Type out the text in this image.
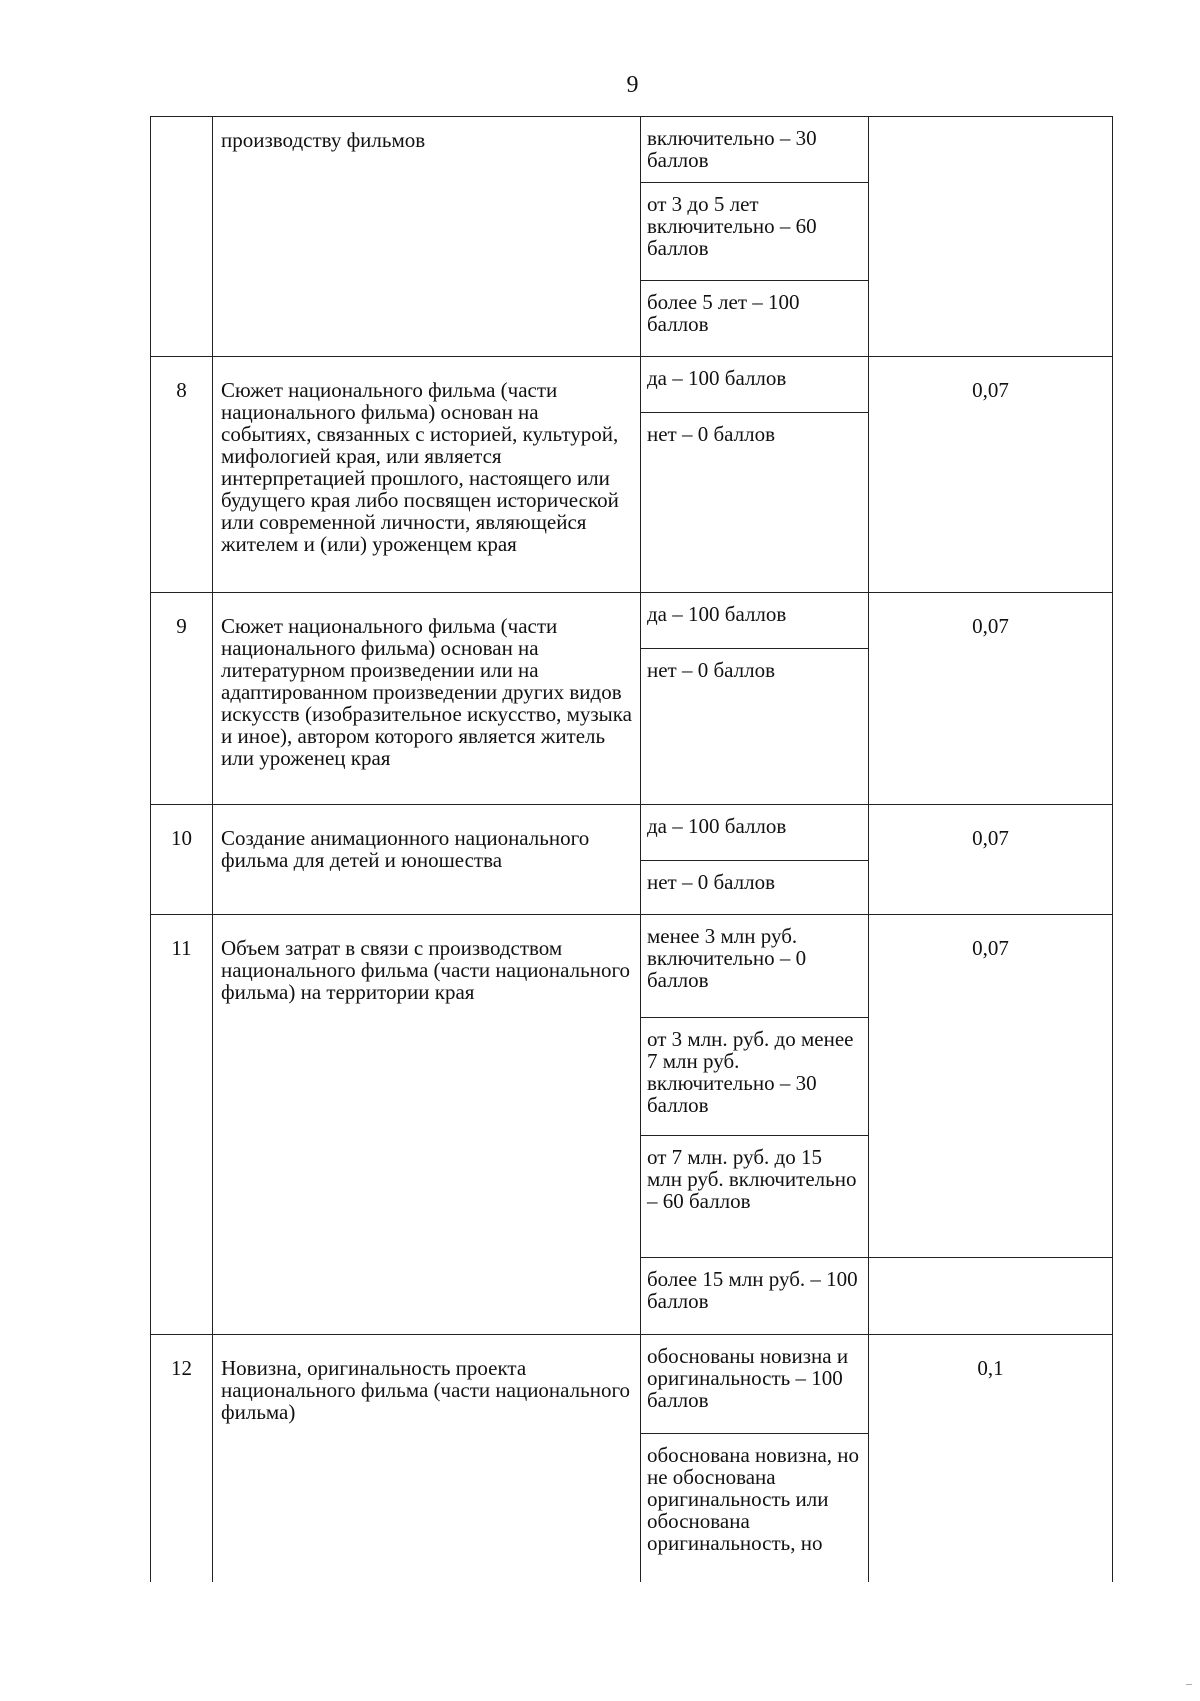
9
	производству фильмов	включительно – 30 баллов	
		от 3 до 5 лет включительно – 60 баллов	
		более 5 лет – 100 баллов	
8	Сюжет национального фильма (части национального фильма) основан на событиях, связанных с историей, культурой, мифологией края, или является интерпретацией прошлого, настоящего или будущего края либо посвящен исторической или современной личности, являющейся жителем и (или) уроженцем края	да – 100 баллов	0,07
		нет – 0 баллов	
9	Сюжет национального фильма (части национального фильма) основан на литературном произведении или на адаптированном произведении других видов искусств (изобразительное искусство, музыка и иное), автором которого является житель или уроженец края	да – 100 баллов	0,07
		нет – 0 баллов	
10	Создание анимационного национального фильма для детей и юношества	да – 100 баллов	0,07
		нет – 0 баллов	
11	Объем затрат в связи с производством национального фильма (части национального фильма) на территории края	менее 3 млн руб. включительно – 0 баллов	0,07
		от 3 млн. руб. до менее 7 млн руб. включительно – 30 баллов	
		от 7 млн. руб. до 15 млн руб. включительно – 60 баллов	
		более 15 млн руб. – 100 баллов	
12	Новизна, оригинальность проекта национального фильма (части национального фильма)	обоснованы новизна и оригинальность – 100 баллов	0,1
		обоснована новизна, но не обоснована оригинальность или обоснована оригинальность, но	
–
